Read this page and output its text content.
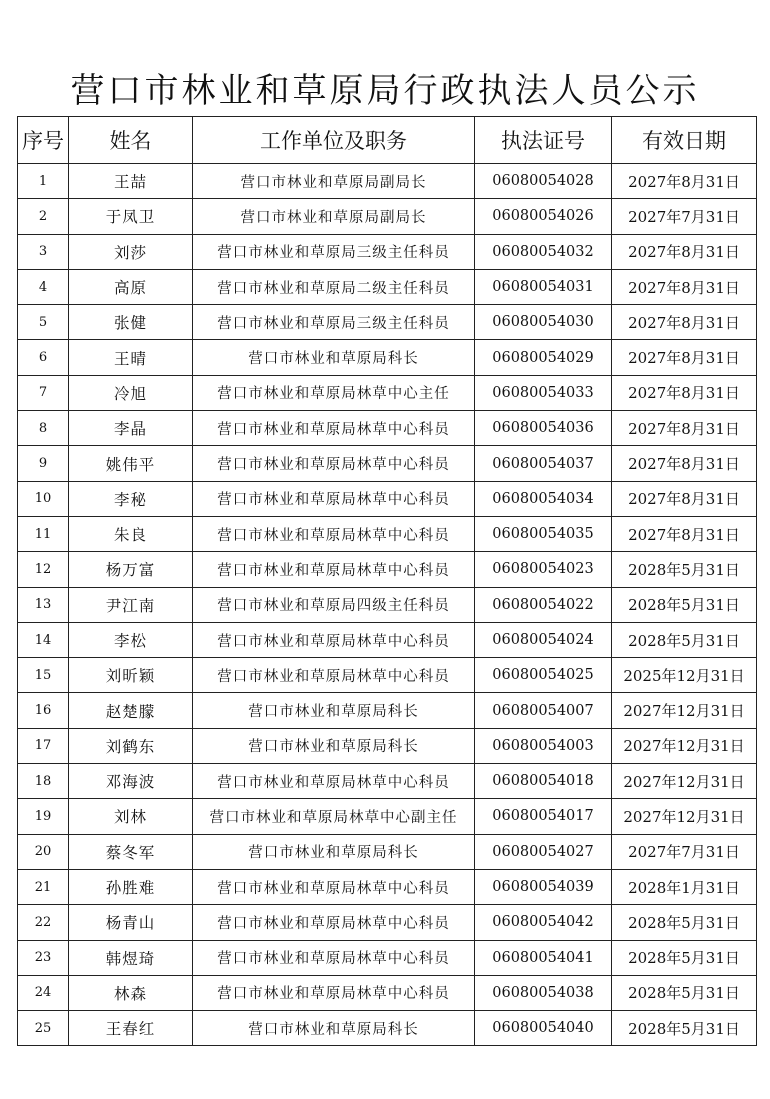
营口市林业和草原局行政执法人员公示
序号	姓名	工作单位及职务	执法证号	有效日期
1	王喆	营口市林业和草原局副局长	06080054028	2027年8月31日
2	于凤卫	营口市林业和草原局副局长	06080054026	2027年7月31日
3	刘莎	营口市林业和草原局三级主任科员	06080054032	2027年8月31日
4	高原	营口市林业和草原局二级主任科员	06080054031	2027年8月31日
5	张健	营口市林业和草原局三级主任科员	06080054030	2027年8月31日
6	王晴	营口市林业和草原局科长	06080054029	2027年8月31日
7	冷旭	营口市林业和草原局林草中心主任	06080054033	2027年8月31日
8	李晶	营口市林业和草原局林草中心科员	06080054036	2027年8月31日
9	姚伟平	营口市林业和草原局林草中心科员	06080054037	2027年8月31日
10	李秘	营口市林业和草原局林草中心科员	06080054034	2027年8月31日
11	朱良	营口市林业和草原局林草中心科员	06080054035	2027年8月31日
12	杨万富	营口市林业和草原局林草中心科员	06080054023	2028年5月31日
13	尹江南	营口市林业和草原局四级主任科员	06080054022	2028年5月31日
14	李松	营口市林业和草原局林草中心科员	06080054024	2028年5月31日
15	刘昕颖	营口市林业和草原局林草中心科员	06080054025	2025年12月31日
16	赵楚朦	营口市林业和草原局科长	06080054007	2027年12月31日
17	刘鹤东	营口市林业和草原局科长	06080054003	2027年12月31日
18	邓海波	营口市林业和草原局林草中心科员	06080054018	2027年12月31日
19	刘林	营口市林业和草原局林草中心副主任	06080054017	2027年12月31日
20	蔡冬军	营口市林业和草原局科长	06080054027	2027年7月31日
21	孙胜难	营口市林业和草原局林草中心科员	06080054039	2028年1月31日
22	杨青山	营口市林业和草原局林草中心科员	06080054042	2028年5月31日
23	韩煜琦	营口市林业和草原局林草中心科员	06080054041	2028年5月31日
24	林森	营口市林业和草原局林草中心科员	06080054038	2028年5月31日
25	王春红	营口市林业和草原局科长	06080054040	2028年5月31日
